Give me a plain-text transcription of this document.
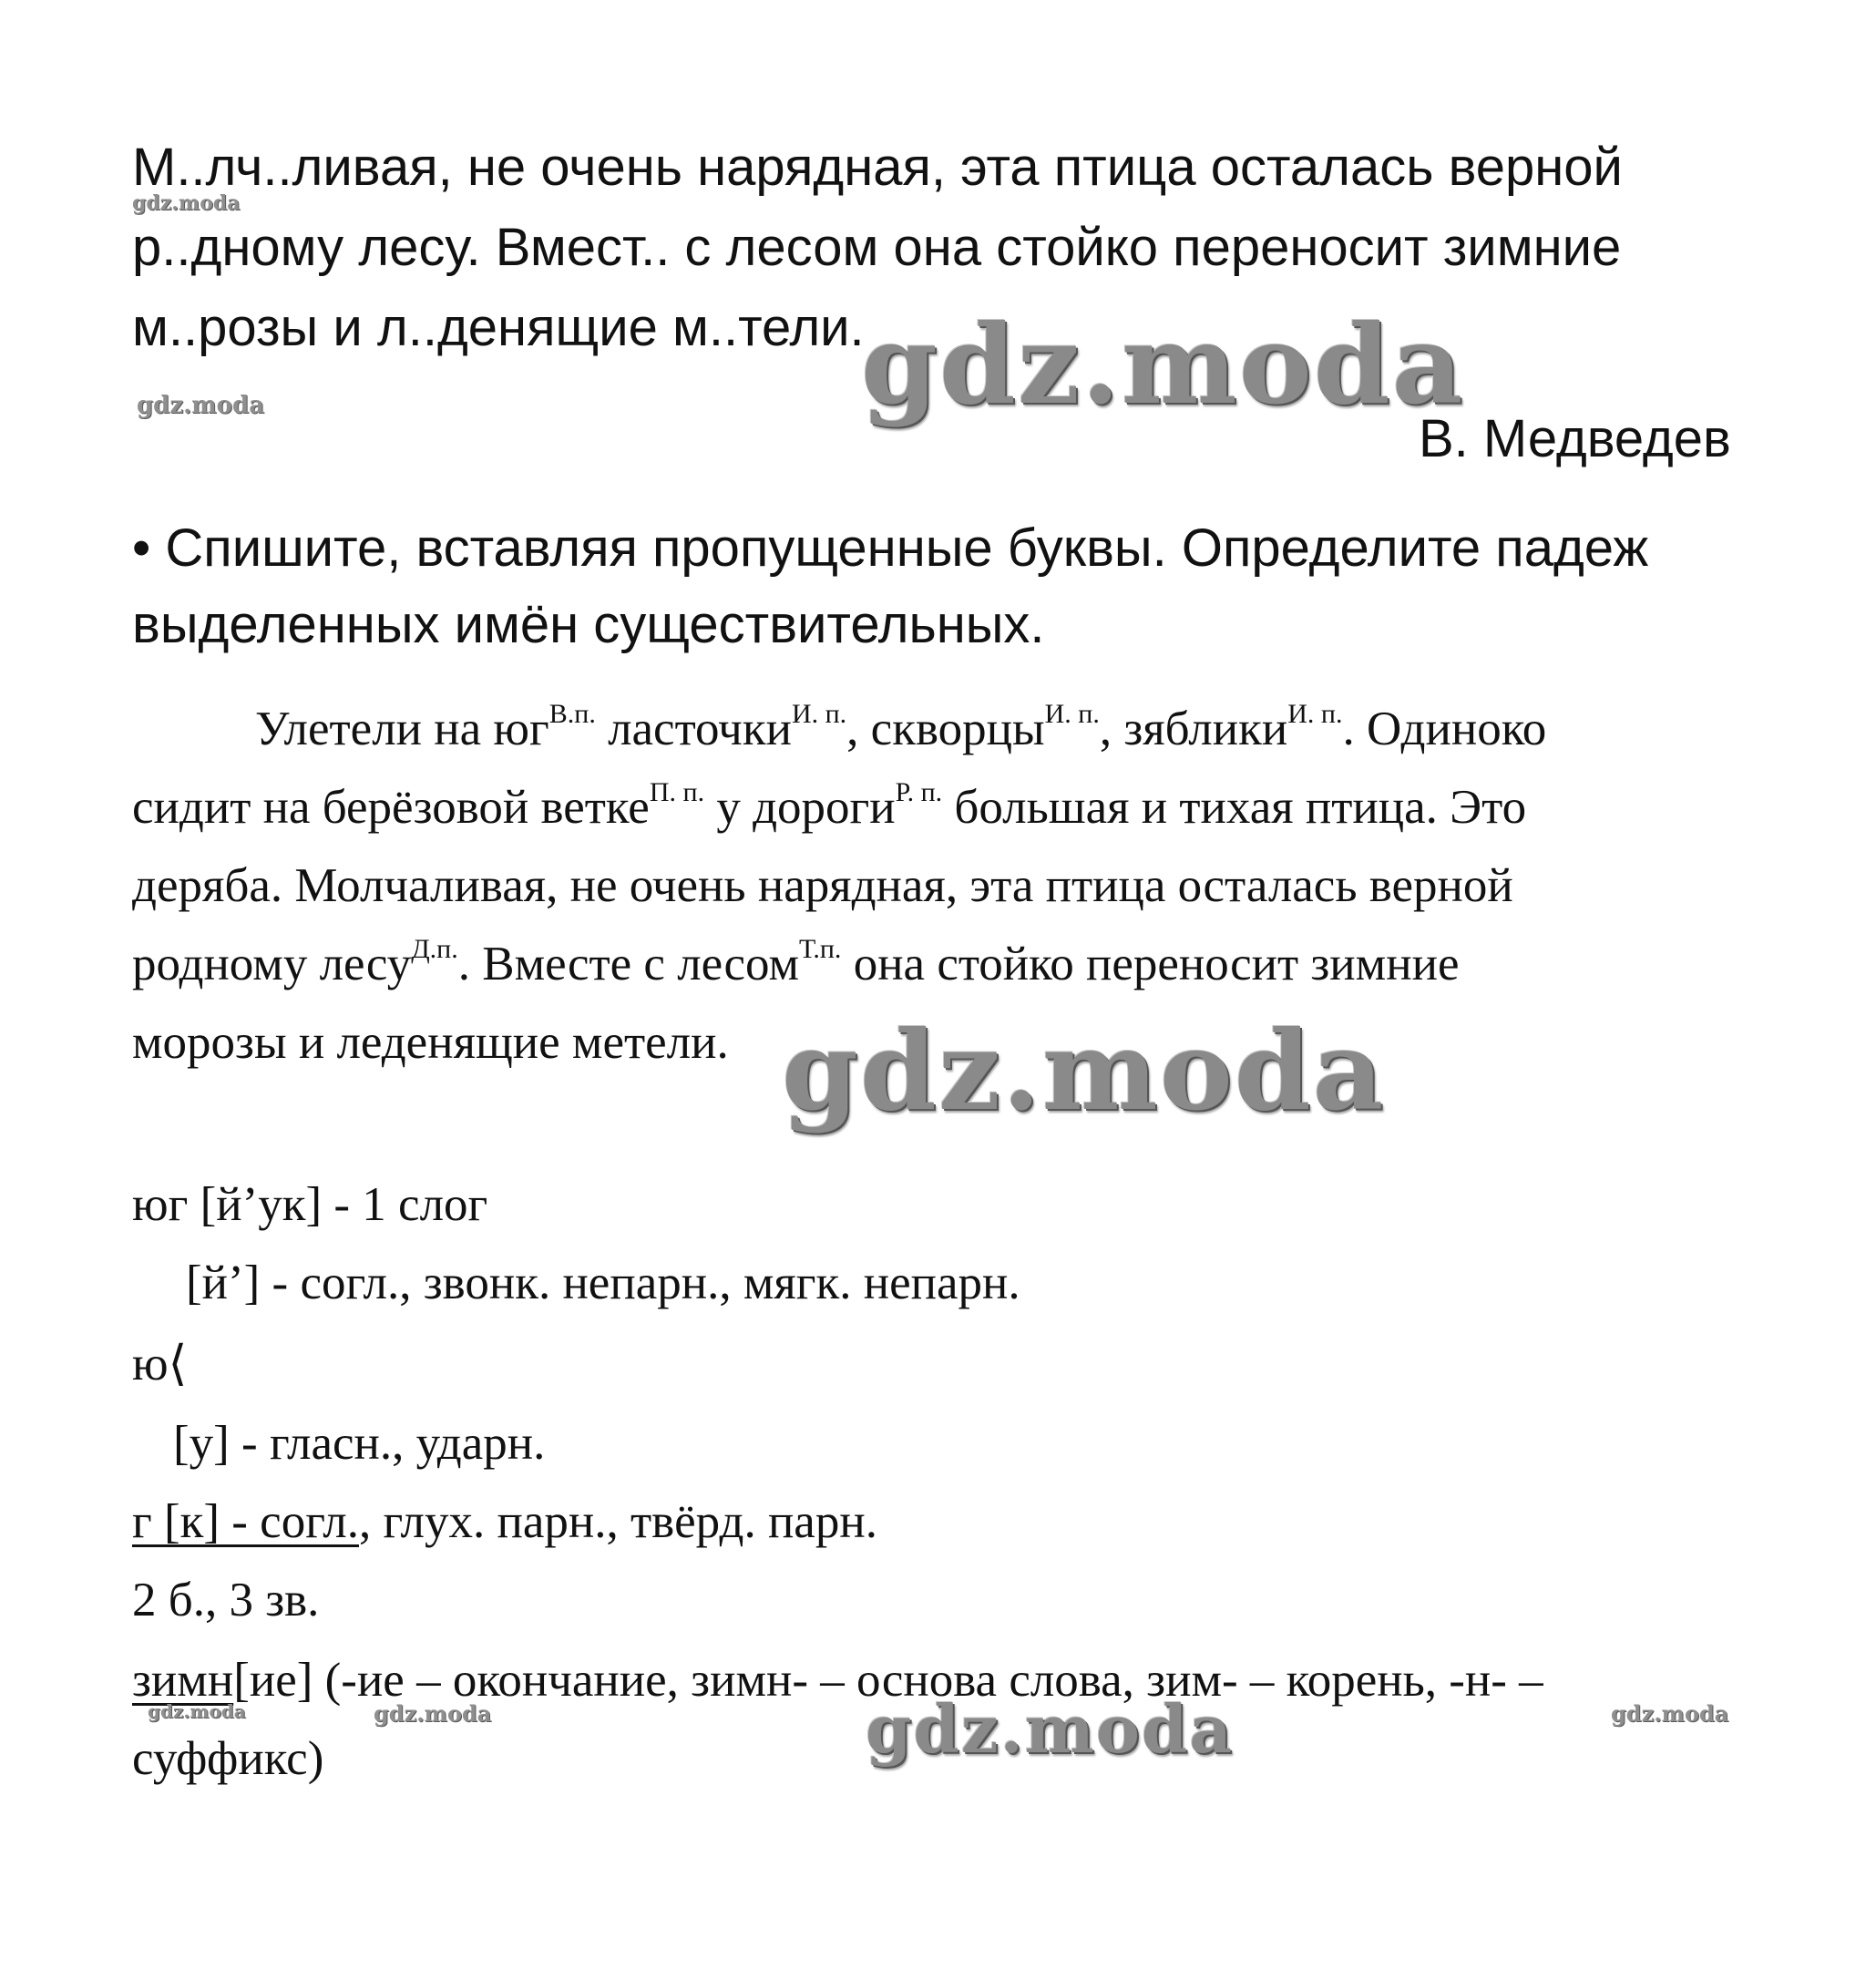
М..лч..ливая, не очень нарядная, эта птица осталась верной
р..дному лесу. Вмест.. с лесом она стойко переносит зимние
м..розы и л..денящие м..тели.
В. Медведев
• Спишите, вставляя пропущенные буквы. Определите падеж
выделенных имён существительных.
Улетели на $юг^{В.п.}$ ласточки$^{И. п.}$, скворцы$^{И. п.}$, зяблики$^{И. п.}$. Одиноко
сидит на берёзовой ветке$^{П. п.}$ у дороги$^{Р. п.}$ большая и тихая птица. Это
деряба. Молчаливая, не очень нарядная, эта птица осталась верной
родному лесу$^{Д.п.}$. Вместе с лесом$^{Т.п.}$ она стойко переносит зимние
морозы и леденящие метели.
юг [й’ук] - 1 слог
[й’] - согл., звонк. непарн., мягк. непарн.
ю⟨
[у] - гласн., ударн.
г [к] - согл., глух. парн., твёрд. парн.
2 б., 3 зв.
зимн[ие] (-ие – окончание, зимн- – основа слова, зим- – корень, -н- –
суффикс)
gdz.moda
gdz.moda
gdz.moda
gdz.moda
gdz.moda
gdz.moda	gdz.moda	gdz.moda
